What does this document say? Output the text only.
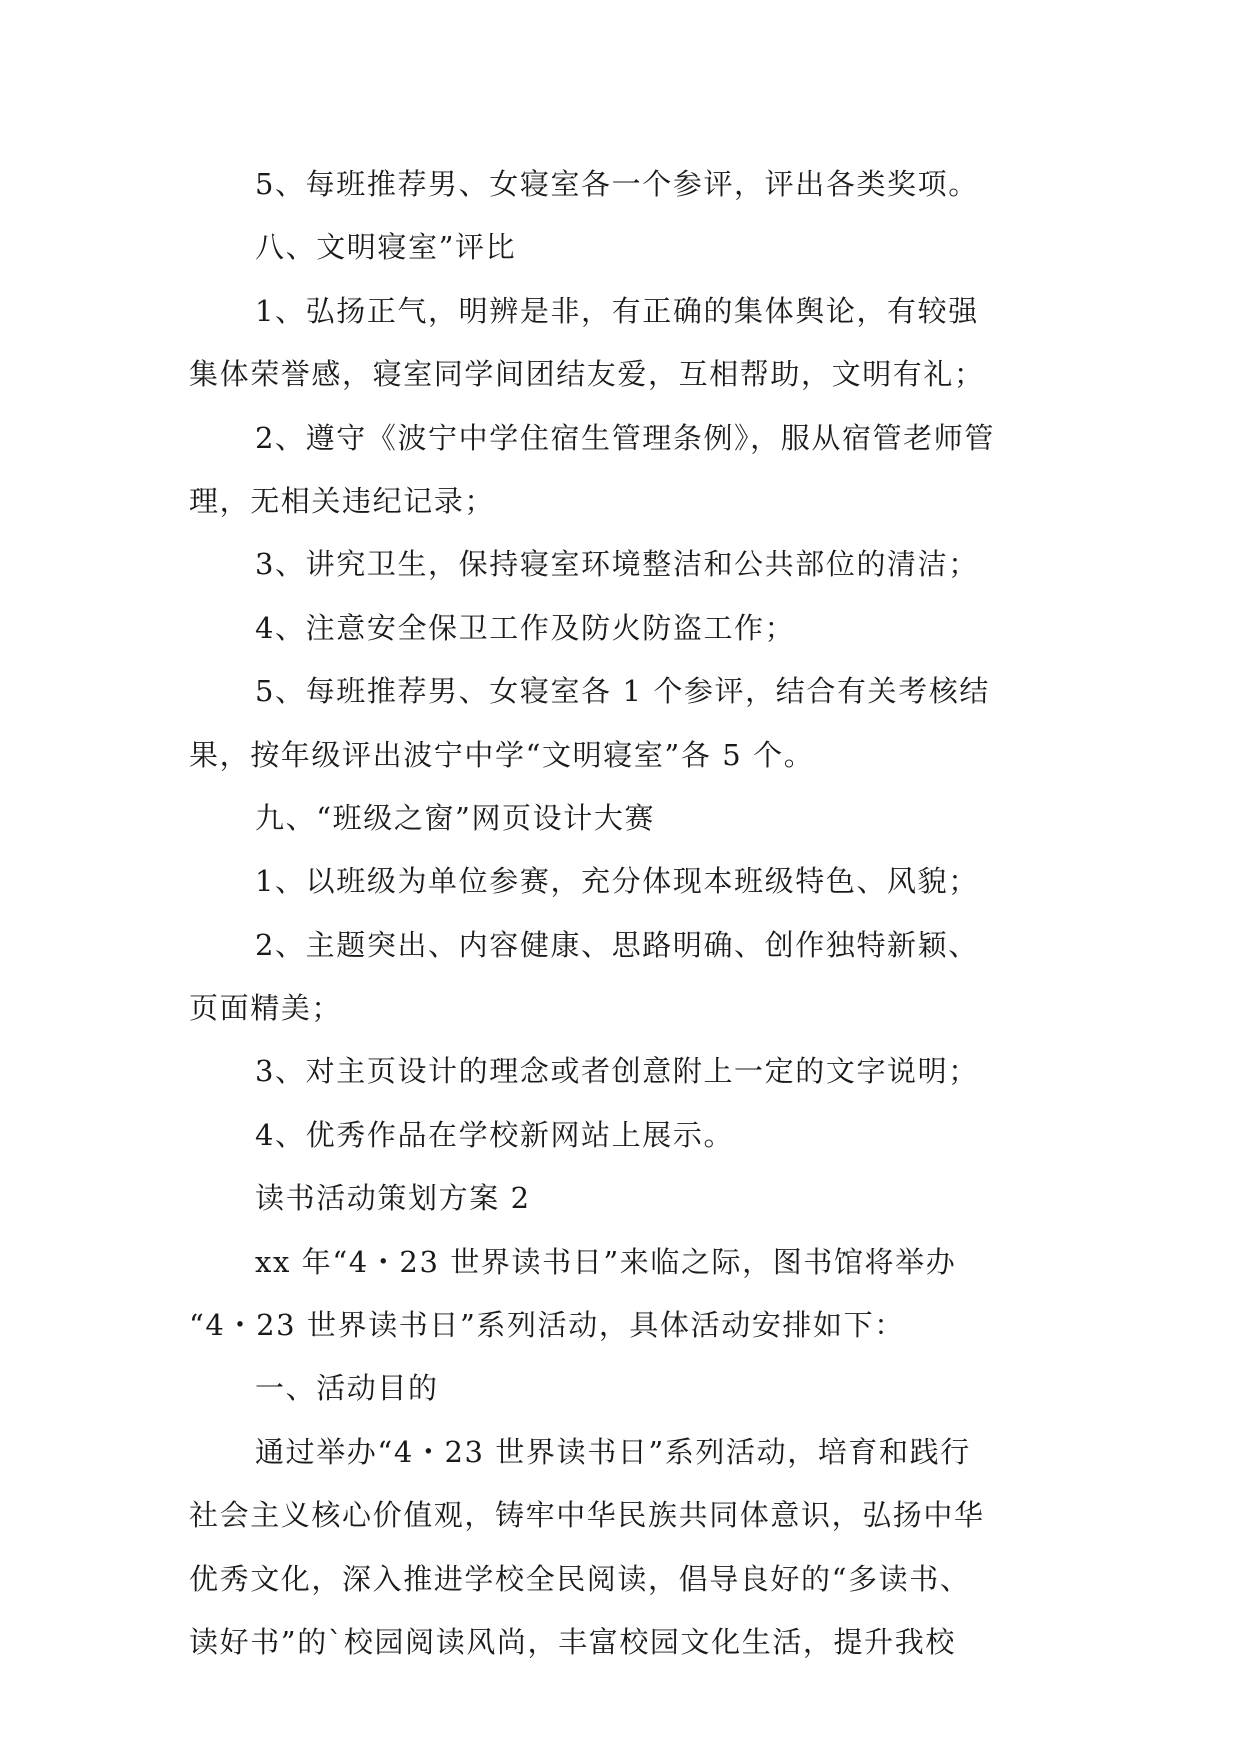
5、每班推荐男、女寝室各一个参评，评出各类奖项。
八、文明寝室”评比
1、弘扬正气，明辨是非，有正确的集体舆论，有较强
集体荣誉感，寝室同学间团结友爱，互相帮助，文明有礼；
2、遵守《波宁中学住宿生管理条例》，服从宿管老师管
理，无相关违纪记录；
3、讲究卫生，保持寝室环境整洁和公共部位的清洁；
4、注意安全保卫工作及防火防盗工作；
5、每班推荐男、女寝室各 1 个参评，结合有关考核结
果，按年级评出波宁中学“文明寝室”各 5 个。
九、“班级之窗”网页设计大赛
1、以班级为单位参赛，充分体现本班级特色、风貌；
2、主题突出、内容健康、思路明确、创作独特新颖、
页面精美；
3、对主页设计的理念或者创意附上一定的文字说明；
4、优秀作品在学校新网站上展示。
读书活动策划方案 2
xx 年“4・23 世界读书日”来临之际，图书馆将举办
“4・23 世界读书日”系列活动，具体活动安排如下：
一、活动目的
通过举办“4・23 世界读书日”系列活动，培育和践行
社会主义核心价值观，铸牢中华民族共同体意识，弘扬中华
优秀文化，深入推进学校全民阅读，倡导良好的“多读书、
读好书”的`校园阅读风尚，丰富校园文化生活，提升我校
